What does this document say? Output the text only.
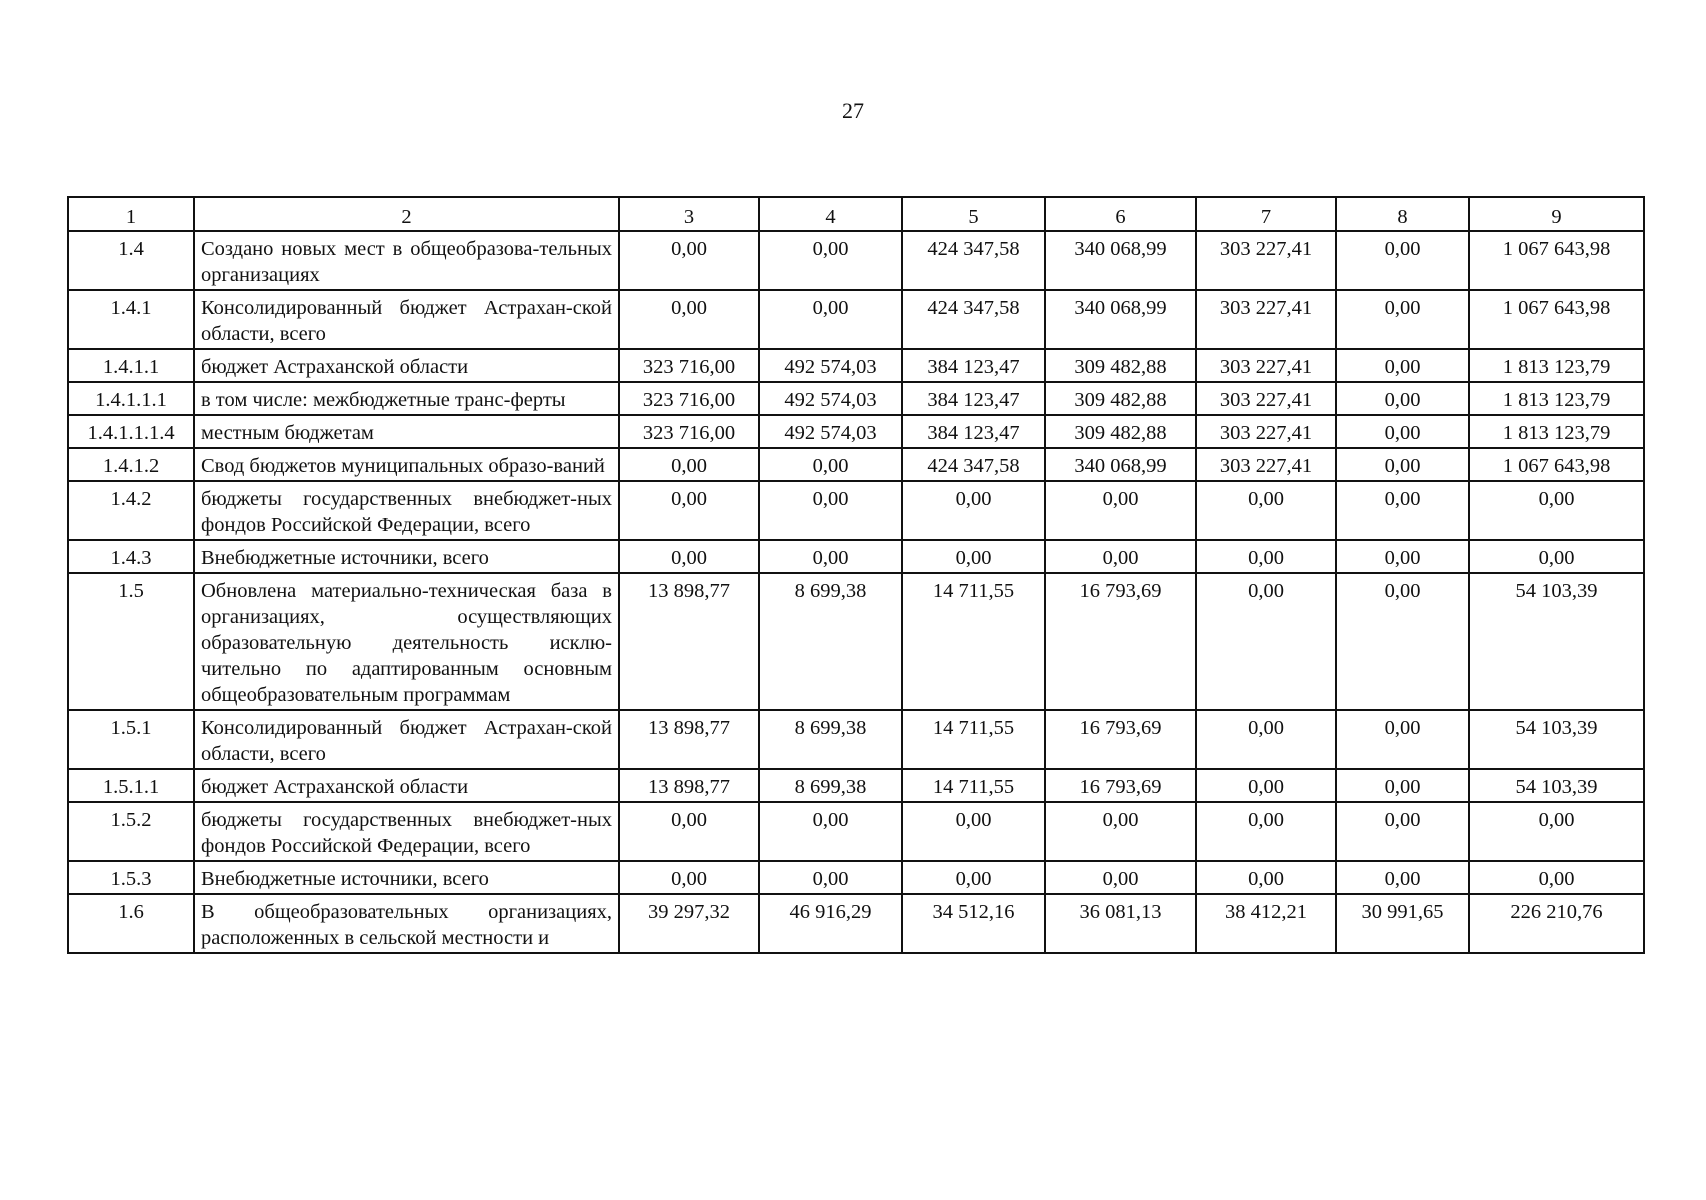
27
1	2	3	4	5	6	7	8	9
1.4	Создано новых мест в общеобразова-тельных организациях	0,00	0,00	424 347,58	340 068,99	303 227,41	0,00	1 067 643,98
1.4.1	Консолидированный бюджет Астрахан-ской области, всего	0,00	0,00	424 347,58	340 068,99	303 227,41	0,00	1 067 643,98
1.4.1.1	бюджет Астраханской области	323 716,00	492 574,03	384 123,47	309 482,88	303 227,41	0,00	1 813 123,79
1.4.1.1.1	в том числе: межбюджетные транс-ферты	323 716,00	492 574,03	384 123,47	309 482,88	303 227,41	0,00	1 813 123,79
1.4.1.1.1.4	местным бюджетам	323 716,00	492 574,03	384 123,47	309 482,88	303 227,41	0,00	1 813 123,79
1.4.1.2	Свод бюджетов муниципальных образо-ваний	0,00	0,00	424 347,58	340 068,99	303 227,41	0,00	1 067 643,98
1.4.2	бюджеты государственных внебюджет-ных фондов Российской Федерации, всего	0,00	0,00	0,00	0,00	0,00	0,00	0,00
1.4.3	Внебюджетные источники, всего	0,00	0,00	0,00	0,00	0,00	0,00	0,00
1.5	Обновлена материально-техническая база в организациях, осуществляющих образовательную деятельность исклю-чительно по адаптированным основным общеобразовательным программам	13 898,77	8 699,38	14 711,55	16 793,69	0,00	0,00	54 103,39
1.5.1	Консолидированный бюджет Астрахан-ской области, всего	13 898,77	8 699,38	14 711,55	16 793,69	0,00	0,00	54 103,39
1.5.1.1	бюджет Астраханской области	13 898,77	8 699,38	14 711,55	16 793,69	0,00	0,00	54 103,39
1.5.2	бюджеты государственных внебюджет-ных фондов Российской Федерации, всего	0,00	0,00	0,00	0,00	0,00	0,00	0,00
1.5.3	Внебюджетные источники, всего	0,00	0,00	0,00	0,00	0,00	0,00	0,00
1.6	В общеобразовательных организациях, расположенных в сельской местности и	39 297,32	46 916,29	34 512,16	36 081,13	38 412,21	30 991,65	226 210,76
